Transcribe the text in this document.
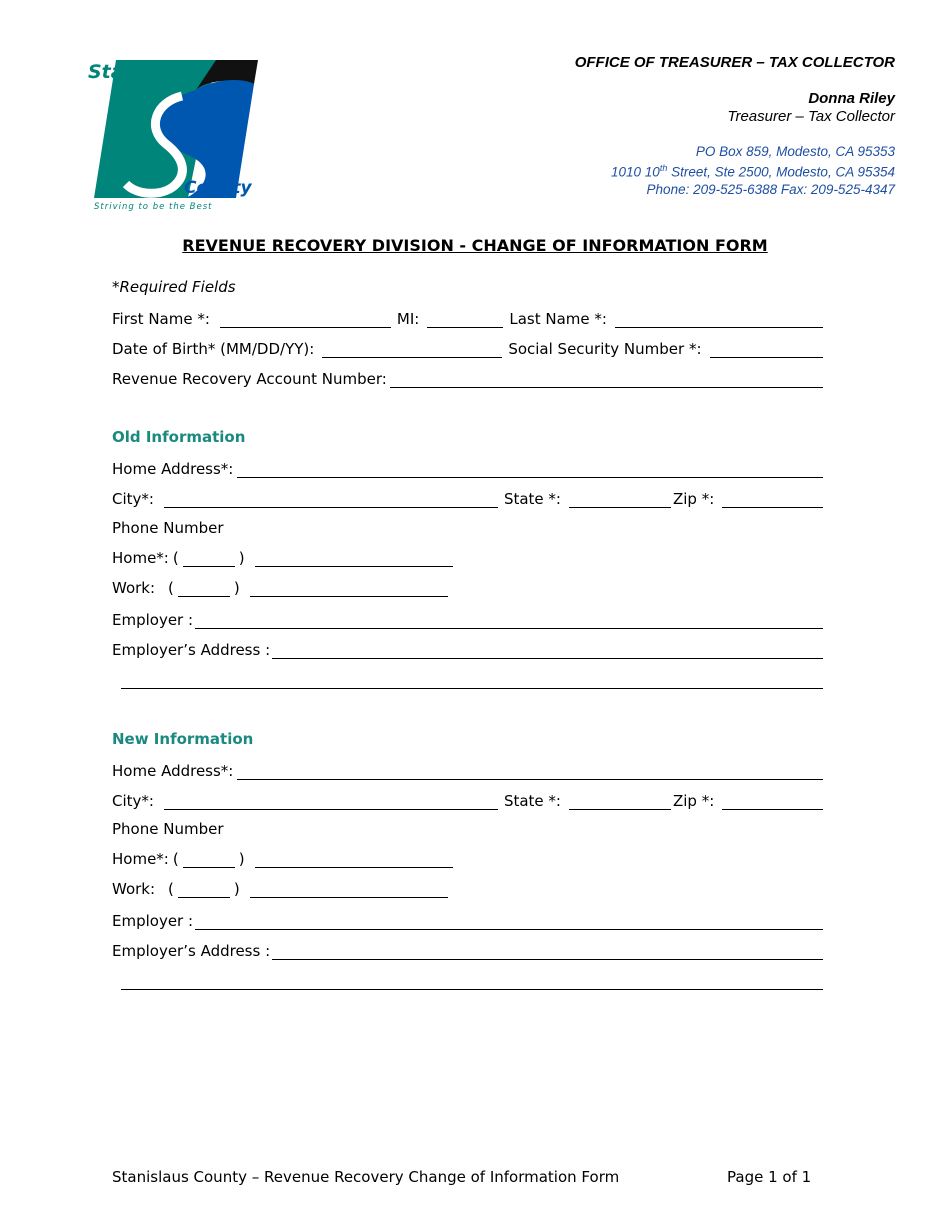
Stanislaus
County
Striving to be the Best
OFFICE OF TREASURER – TAX COLLECTOR
Donna Riley
Treasurer – Tax Collector
PO Box 859, Modesto, CA 95353
1010 10th Street, Ste 2500, Modesto, CA 95354
Phone: 209-525-6388 Fax: 209-525-4347
REVENUE RECOVERY DIVISION - CHANGE OF INFORMATION FORM
*Required Fields
First Name *:	MI:	Last Name *:
Date of Birth* (MM/DD/YY):	Social Security Number *:
Revenue Recovery Account Number:
Old Information
Home Address*:
City*:	State *:	Zip *:
Phone Number
Home*: (	)
Work: (	)
Employer :
Employer’s Address :
New Information
Home Address*:
City*:	State *:	Zip *:
Phone Number
Home*: (	)
Work: (	)
Employer :
Employer’s Address :
Stanislaus County – Revenue Recovery Change of Information Form	Page 1 of 1
